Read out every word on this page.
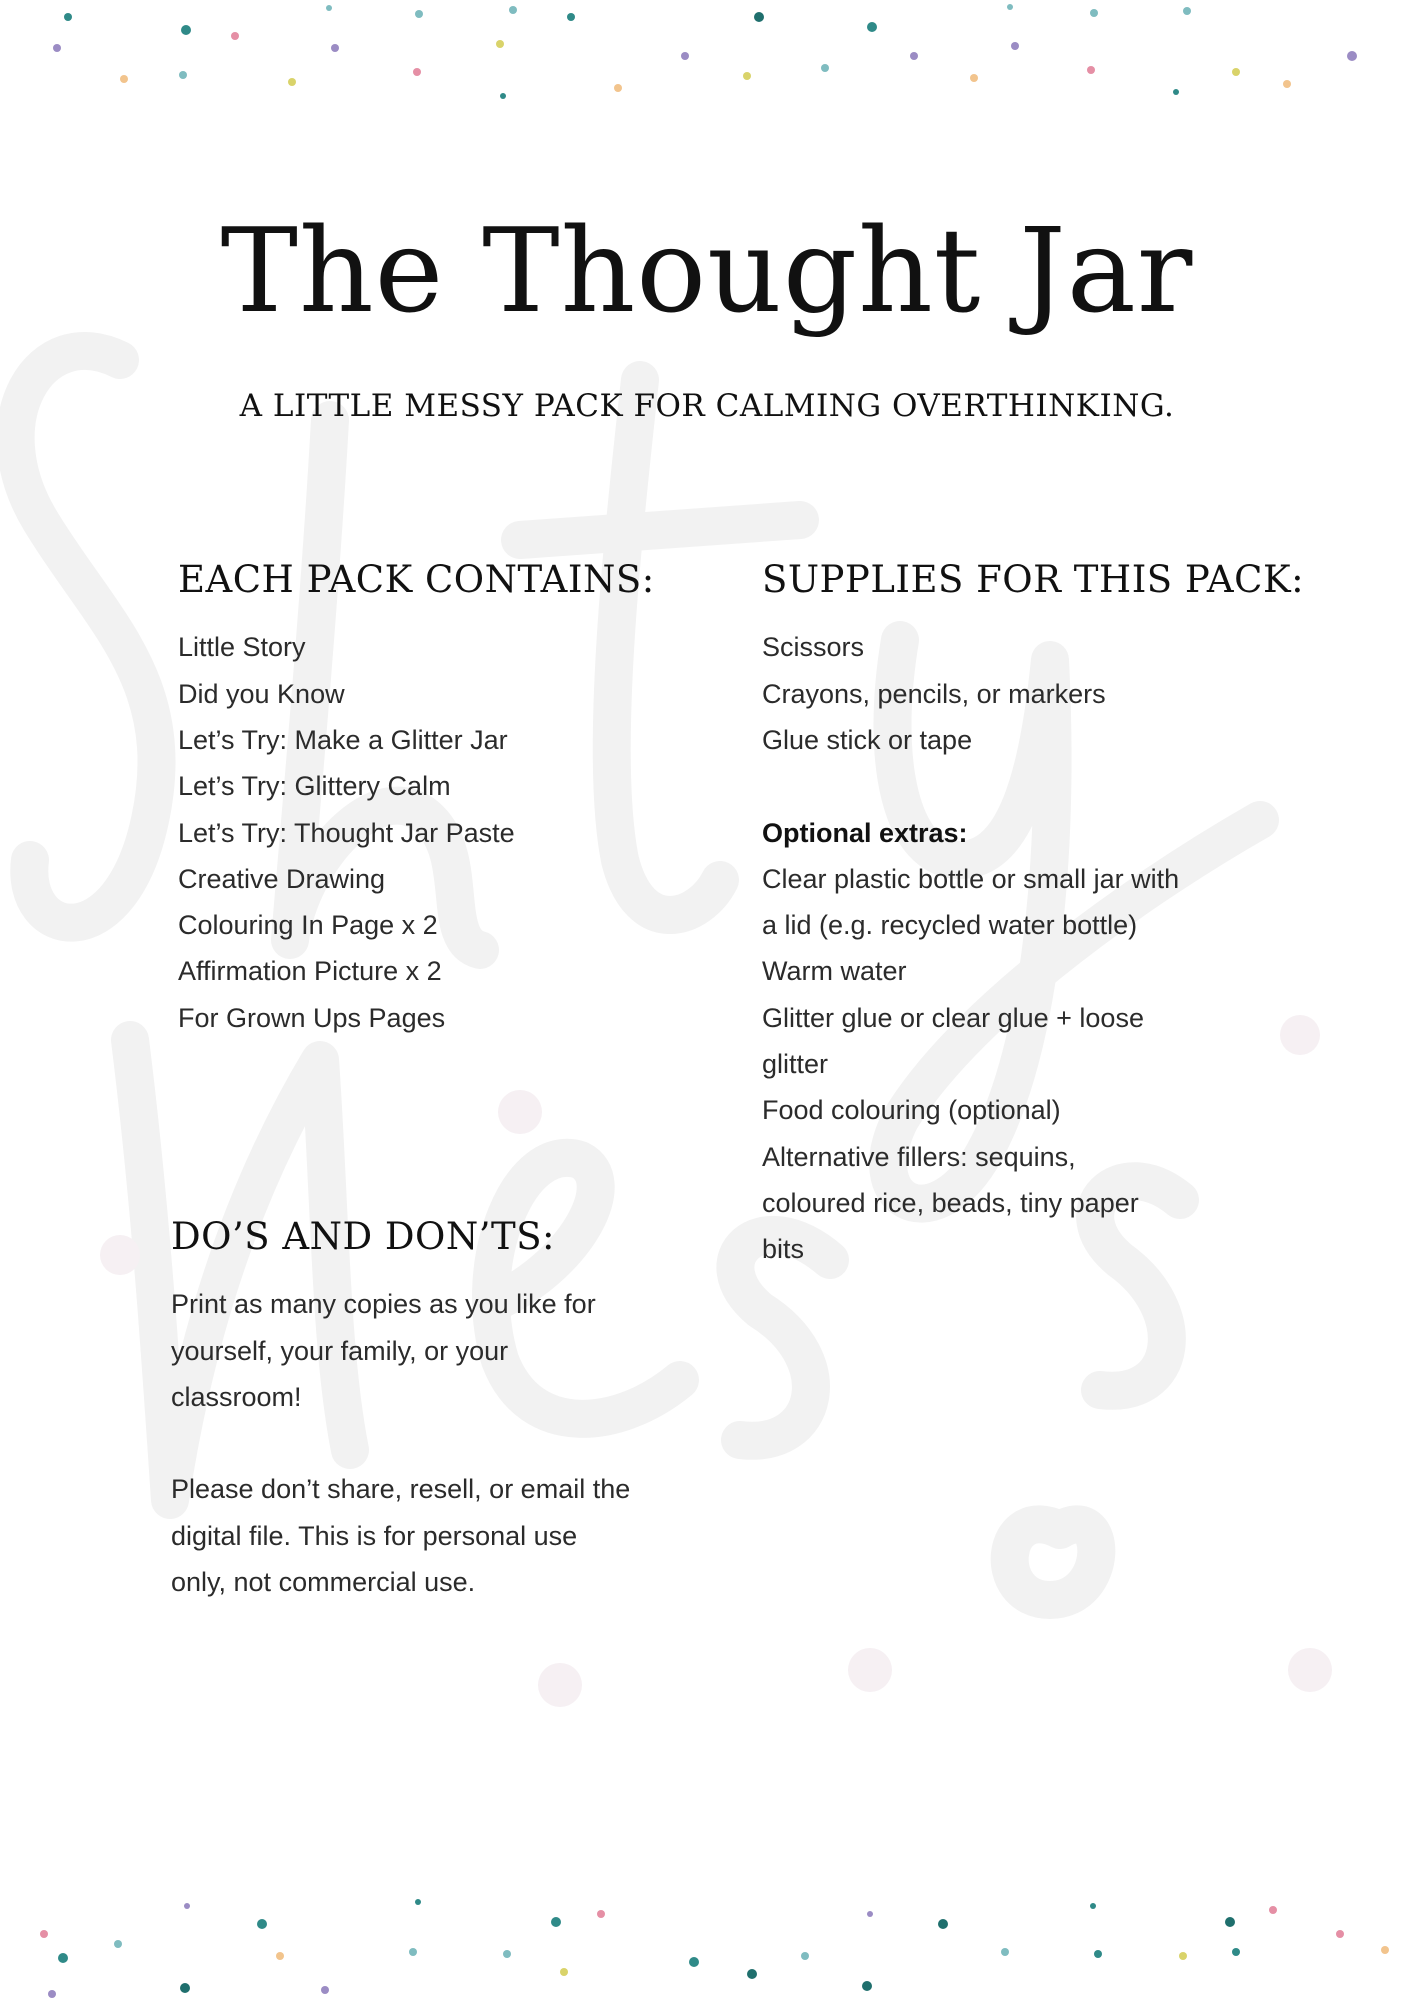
The Thought Jar

A LITTLE MESSY PACK FOR CALMING OVERTHINKING.

EACH PACK CONTAINS:
Little Story
Did you Know
Let’s Try: Make a Glitter Jar
Let’s Try: Glittery Calm
Let’s Try: Thought Jar Paste
Creative Drawing
Colouring In Page x 2
Affirmation Picture x 2
For Grown Ups Pages
SUPPLIES FOR THIS PACK:
Scissors
Crayons, pencils, or markers
Glue stick or tape
Optional extras:
Clear plastic bottle or small jar with
a lid (e.g. recycled water bottle)
Warm water
Glitter glue or clear glue + loose
glitter
Food colouring (optional)
Alternative fillers: sequins,
coloured rice, beads, tiny paper
bits
DO’S AND DON’TS:

Print as many copies as you like for yourself, your family, or your classroom!

Please don’t share, resell, or email the digital file. This is for personal use only, not commercial use.
